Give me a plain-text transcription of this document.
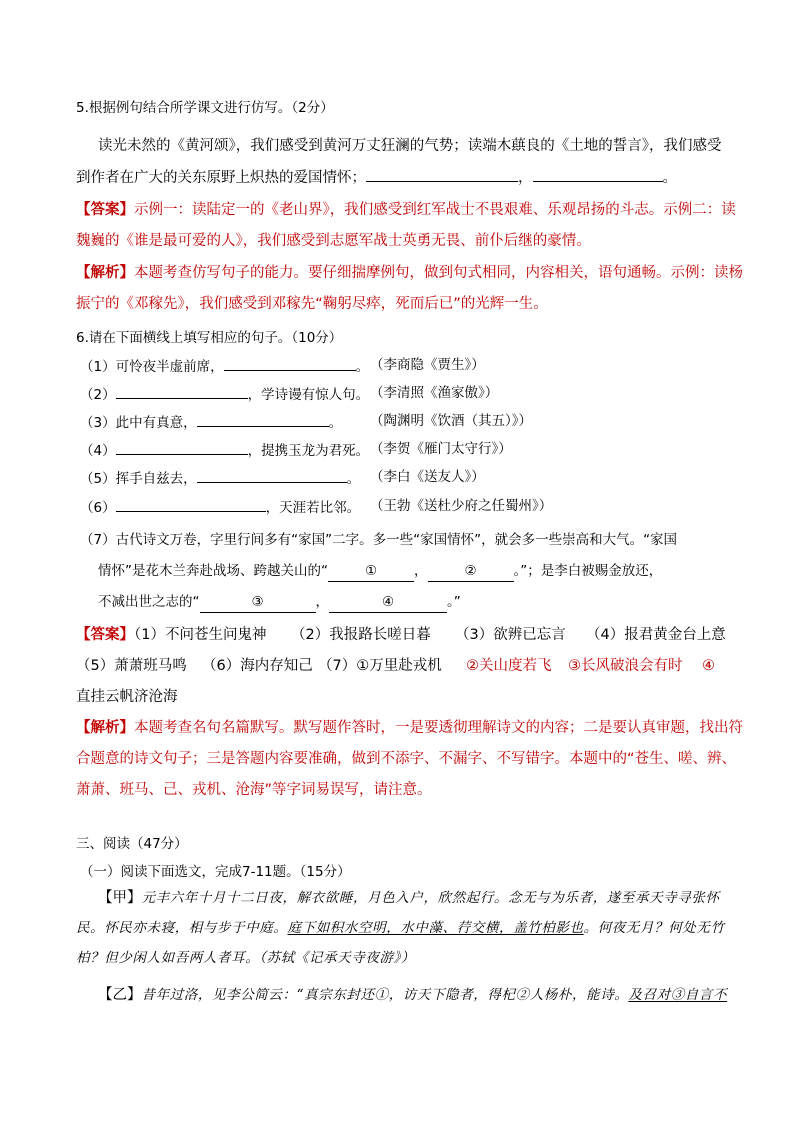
5.根据例句结合所学课文进行仿写。（2分）
读光未然的《黄河颂》，我们感受到黄河万丈狂澜的气势；读端木蕻良的《土地的誓言》，我们感受
到作者在广大的关东原野上炽热的爱国情怀；	，	。
【答案】示例一：读陆定一的《老山界》，我们感受到红军战士不畏艰难、乐观昂扬的斗志。示例二：读
魏巍的《谁是最可爱的人》，我们感受到志愿军战士英勇无畏、前仆后继的豪情。
【解析】本题考查仿写句子的能力。要仔细揣摩例句，做到句式相同，内容相关，语句通畅。示例：读杨
振宁的《邓稼先》，我们感受到邓稼先“鞠躬尽瘁，死而后已”的光辉一生。
6.请在下面横线上填写相应的句子。（10分）
（1）可怜夜半虚前席，	。 （李商隐《贾生》）
（2）	，学诗谩有惊人句。 （李清照《渔家傲》）
（3）此中有真意，	。 （陶渊明《饮酒（其五）》）
（4）	，提携玉龙为君死。 （李贺《雁门太守行》）
（5）挥手自兹去，	。 （李白《送友人》）
（6）	，天涯若比邻。 （王勃《送杜少府之任蜀州》）
（7）古代诗文万卷，字里行间多有“家国”二字。多一些“家国情怀”，就会多一些崇高和大气。“家国
情怀”是花木兰奔赴战场、跨越关山的“	①	，	②	。”；是李白被赐金放还，
不减出世之志的“	③	，	④	。”
【答案】（1）不问苍生问鬼神 （2）我报路长嗟日暮 （3）欲辨已忘言 （4）报君黄金台上意
（5）萧萧班马鸣 （6）海内存知己 （7）①万里赴戎机 ②关山度若飞 ③长风破浪会有时 ④
直挂云帆济沧海
【解析】本题考查名句名篇默写。默写题作答时，一是要透彻理解诗文的内容；二是要认真审题，找出符
合题意的诗文句子；三是答题内容要准确，做到不添字、不漏字、不写错字。本题中的“苍生、嗟、辨、
萧萧、班马、己、戎机、沧海”等字词易误写，请注意。
三、阅读（47分）
（一）阅读下面选文，完成7-11题。（15分）
【甲】元丰六年十月十二日夜，解衣欲睡，月色入户，欣然起行。念无与为乐者，遂至承天寺寻张怀
民。怀民亦未寝，相与步于中庭。庭下如积水空明，水中藻、荇交横，盖竹柏影也。何夜无月？何处无竹
柏？但少闲人如吾两人者耳。（苏轼《记承天寺夜游》）
【乙】昔年过洛，见李公简云：“真宗东封还①，访天下隐者，得杞②人杨朴，能诗。及召对③自言不
